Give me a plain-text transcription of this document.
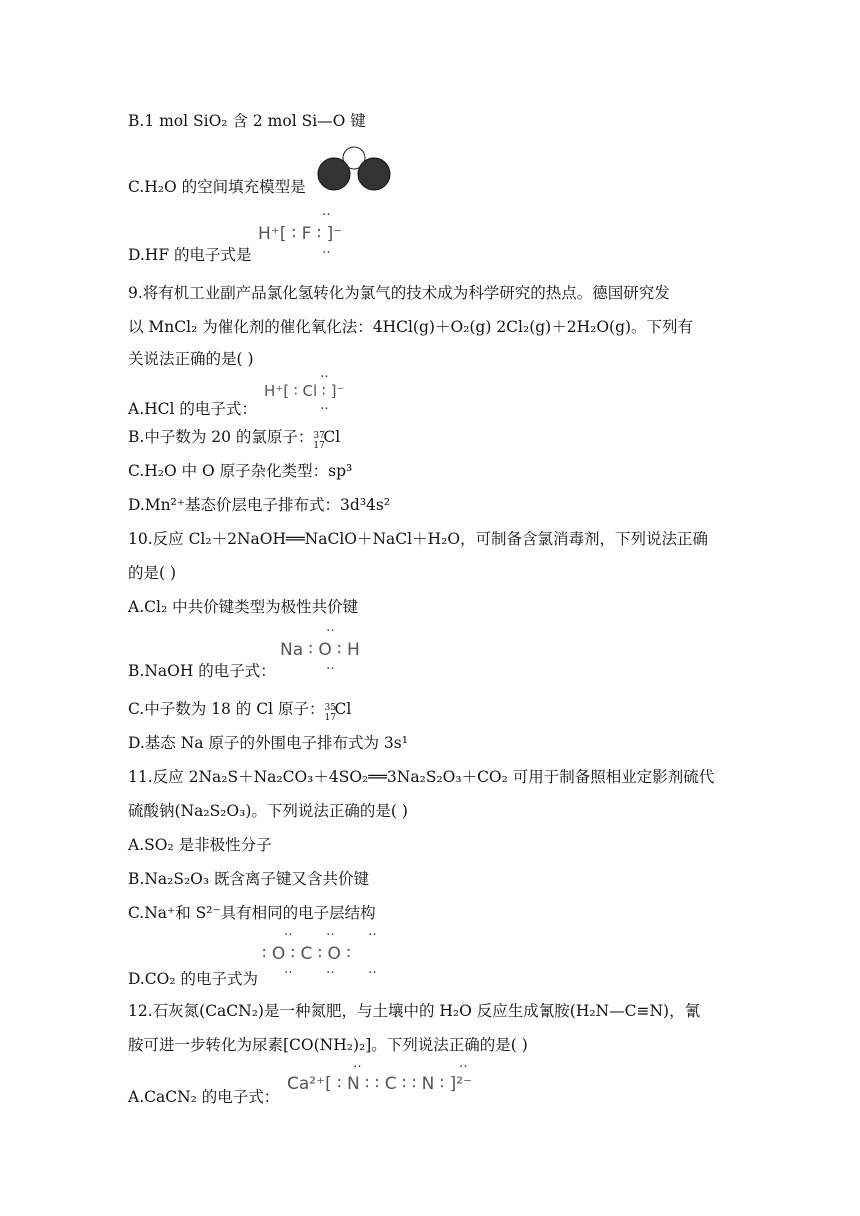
B.1 mol SiO₂ 含 2 mol Si—O 键
C.H₂O 的空间填充模型是
D.HF 的电子式是
H⁺[ ∶ F ∶ ]⁻
‥
‥
9.将有机工业副产品氯化氢转化为氯气的技术成为科学研究的热点。德国研究发
以 MnCl₂ 为催化剂的催化氧化法：4HCl(g)＋O₂(g) 2Cl₂(g)＋2H₂O(g)。下列有
关说法正确的是( )
A.HCl 的电子式：
H⁺[ ∶ Cl ∶ ]⁻
‥
‥
B.中子数为 20 的氯原子： 37
17
Cl
C.H₂O 中 O 原子杂化类型：sp³
D.Mn²⁺基态价层电子排布式：3d³4s²
10.反应 Cl₂＋2NaOH══NaClO＋NaCl＋H₂O，可制备含氯消毒剂，下列说法正确
的是( )
A.Cl₂ 中共价键类型为极性共价键
B.NaOH 的电子式：
Na ∶ O ∶ H
‥
‥
C.中子数为 18 的 Cl 原子： 35
17
Cl
D.基态 Na 原子的外围电子排布式为 3s¹
11.反应 2Na₂S＋Na₂CO₃＋4SO₂══3Na₂S₂O₃＋CO₂ 可用于制备照相业定影剂硫代
硫酸钠(Na₂S₂O₃)。下列说法正确的是( )
A.SO₂ 是非极性分子
B.Na₂S₂O₃ 既含离子键又含共价键
C.Na⁺和 S²⁻具有相同的电子层结构
D.CO₂ 的电子式为
∶ O ∶ C ∶ O ∶
‥ ‥ ‥
‥ ‥ ‥
12.石灰氮(CaCN₂)是一种氮肥，与土壤中的 H₂O 反应生成氰胺(H₂N—C≡N)，氰
胺可进一步转化为尿素[CO(NH₂)₂]。下列说法正确的是( )
A.CaCN₂ 的电子式：
Ca²⁺[ ∶ N ∶ ∶ C ∶ ∶ N ∶ ]²⁻
‥	‥
